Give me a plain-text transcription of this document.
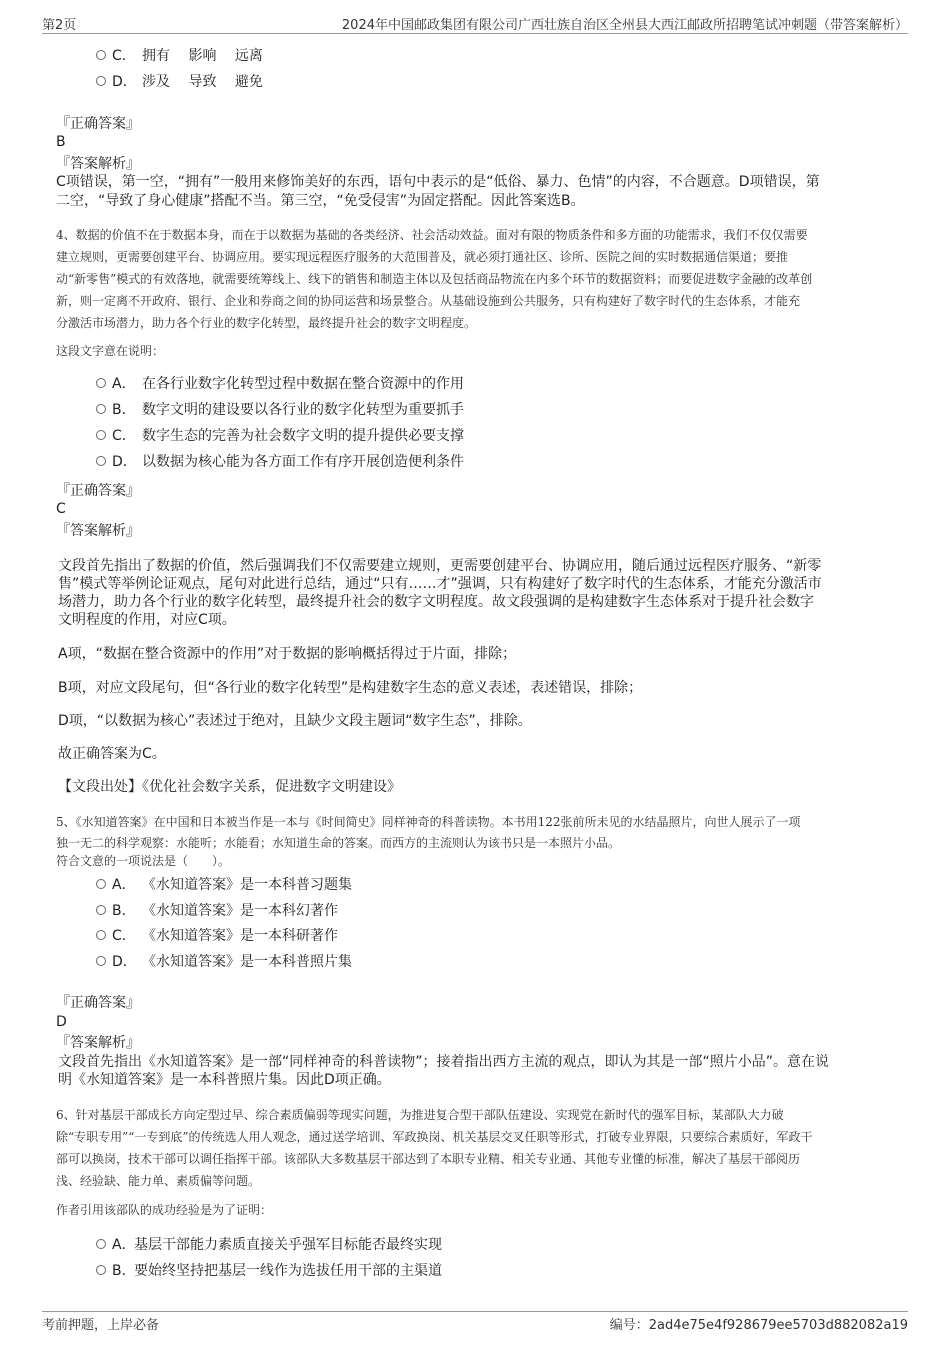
第2页	2024年中国邮政集团有限公司广西壮族自治区全州县大西江邮政所招聘笔试冲刺题（带答案解析）
C． 拥有　 影响　 远离
D． 涉及　 导致　 避免
『正确答案』
B
『答案解析』
C项错误，第一空，“拥有”一般用来修饰美好的东西，语句中表示的是“低俗、暴力、色情”的内容，不合题意。D项错误，第
二空，“导致了身心健康”搭配不当。第三空，“免受侵害”为固定搭配。因此答案选B。
4、数据的价值不在于数据本身，而在于以数据为基础的各类经济、社会活动效益。面对有限的物质条件和多方面的功能需求，我们不仅仅需要
建立规则，更需要创建平台、协调应用。要实现远程医疗服务的大范围普及，就必须打通社区、诊所、医院之间的实时数据通信渠道；要推
动“新零售”模式的有效落地，就需要统筹线上、线下的销售和制造主体以及包括商品物流在内多个环节的数据资料；而要促进数字金融的改革创
新，则一定离不开政府、银行、企业和券商之间的协同运营和场景整合。从基础设施到公共服务，只有构建好了数字时代的生态体系，才能充
分激活市场潜力，助力各个行业的数字化转型，最终提升社会的数字文明程度。
这段文字意在说明：
A． 在各行业数字化转型过程中数据在整合资源中的作用
B． 数字文明的建设要以各行业的数字化转型为重要抓手
C． 数字生态的完善为社会数字文明的提升提供必要支撑
D． 以数据为核心能为各方面工作有序开展创造便利条件
『正确答案』
C
『答案解析』
文段首先指出了数据的价值，然后强调我们不仅需要建立规则，更需要创建平台、协调应用，随后通过远程医疗服务、“新零
售”模式等举例论证观点，尾句对此进行总结，通过“只有……才”强调，只有构建好了数字时代的生态体系，才能充分激活市
场潜力，助力各个行业的数字化转型，最终提升社会的数字文明程度。故文段强调的是构建数字生态体系对于提升社会数字
文明程度的作用，对应C项。
A项，“数据在整合资源中的作用”对于数据的影响概括得过于片面，排除；
B项，对应文段尾句，但“各行业的数字化转型”是构建数字生态的意义表述，表述错误，排除；
D项，“以数据为核心”表述过于绝对，且缺少文段主题词“数字生态”，排除。
故正确答案为C。
【文段出处】《优化社会数字关系，促进数字文明建设》
5、《水知道答案》在中国和日本被当作是一本与《时间简史》同样神奇的科普读物。本书用122张前所未见的水结晶照片，向世人展示了一项
独一无二的科学观察：水能听；水能看；水知道生命的答案。而西方的主流则认为该书只是一本照片小品。
符合文意的一项说法是（　　）。
A． 《水知道答案》是一本科普习题集
B． 《水知道答案》是一本科幻著作
C． 《水知道答案》是一本科研著作
D． 《水知道答案》是一本科普照片集
『正确答案』
D
『答案解析』
文段首先指出《水知道答案》是一部“同样神奇的科普读物”；接着指出西方主流的观点，即认为其是一部“照片小品”。意在说
明《水知道答案》是一本科普照片集。因此D项正确。
6、针对基层干部成长方向定型过早、综合素质偏弱等现实问题，为推进复合型干部队伍建设、实现党在新时代的强军目标，某部队大力破
除“专职专用”“一专到底”的传统选人用人观念，通过送学培训、军政换岗、机关基层交叉任职等形式，打破专业界限，只要综合素质好，军政干
部可以换岗，技术干部可以调任指挥干部。该部队大多数基层干部达到了本职专业精、相关专业通、其他专业懂的标准，解决了基层干部阅历
浅、经验缺、能力单、素质偏等问题。
作者引用该部队的成功经验是为了证明：
A．基层干部能力素质直接关乎强军目标能否最终实现
B．要始终坚持把基层一线作为选拔任用干部的主渠道
考前押题，上岸必备	编号：2ad4e75e4f928679ee5703d882082a19
